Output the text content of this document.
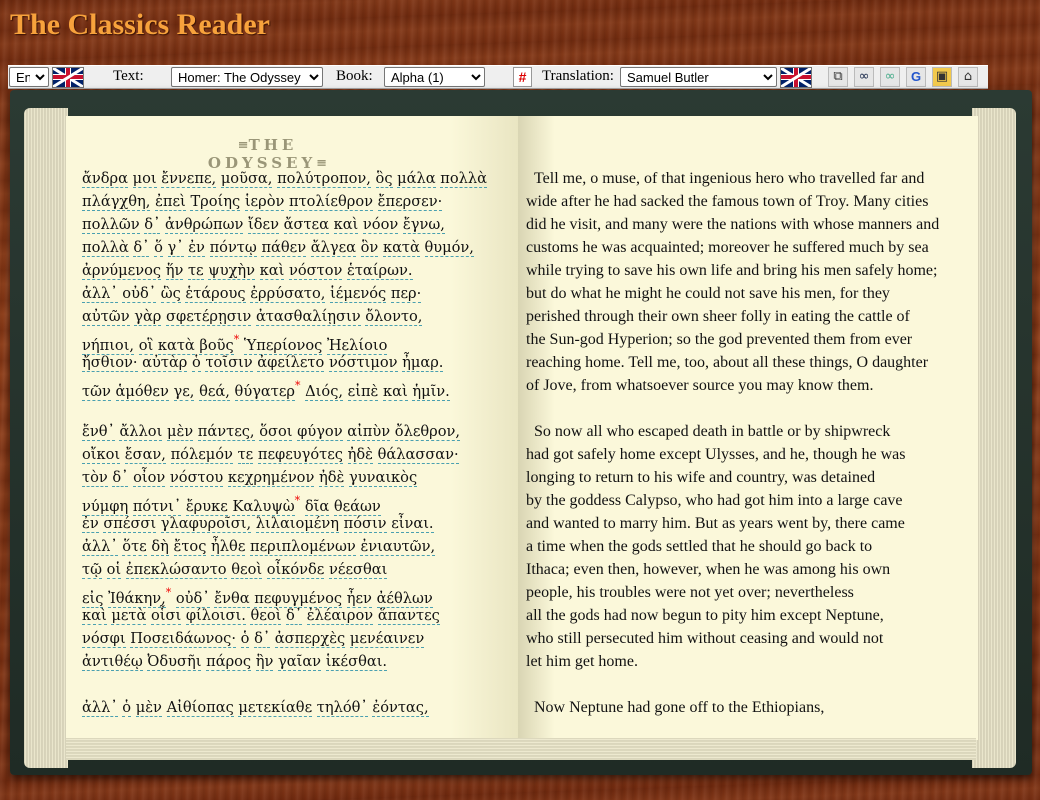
The Classics Reader
En
Text:
Homer: The Odyssey	Book:
Alpha (1)	#	Translation:
Samuel Butler	⧉	∞	∞	G	▣	⌂
≡ THE ODYSSEY ≡
ἄνδρα μοι ἔννεπε, μοῦσα, πολύτροπον, ὃς μάλα πολλὰ
πλάγχθη, ἐπεὶ Τροίης ἱερὸν πτολίεθρον ἔπερσεν·
πολλῶν δ᾽ ἀνθρώπων ἴδεν ἄστεα καὶ νόον ἔγνω,
πολλὰ δ᾽ ὅ γ᾽ ἐν πόντῳ πάθεν ἄλγεα ὃν κατὰ θυμόν,
ἀρνύμενος ἥν τε ψυχὴν καὶ νόστον ἑταίρων.
ἀλλ᾽ οὐδ᾽ ὣς ἑτάρους ἐρρύσατο, ἱέμενός περ·
αὐτῶν γὰρ σφετέρῃσιν ἀτασθαλίῃσιν ὄλοντο,
νήπιοι, οἳ κατὰ βοῦς* Ὑπερίονος Ἠελίοιο
ἤσθιον· αὐτὰρ ὁ τοῖσιν ἀφείλετο νόστιμον ἦμαρ.
τῶν ἁμόθεν γε, θεά, θύγατερ* Διός, εἰπὲ καὶ ἡμῖν.
ἔνθ᾽ ἄλλοι μὲν πάντες, ὅσοι φύγον αἰπὺν ὄλεθρον,
οἴκοι ἔσαν, πόλεμόν τε πεφευγότες ἠδὲ θάλασσαν·
τὸν δ᾽ οἶον νόστου κεχρημένον ἠδὲ γυναικὸς
νύμφη πότνι᾽ ἔρυκε Καλυψὼ* δῖα θεάων
ἐν σπέσσι γλαφυροῖσι, λιλαιομένη πόσιν εἶναι.
ἀλλ᾽ ὅτε δὴ ἔτος ἦλθε περιπλομένων ἐνιαυτῶν,
τῷ οἱ ἐπεκλώσαντο θεοὶ οἶκόνδε νέεσθαι
εἰς Ἰθάκην,* οὐδ᾽ ἔνθα πεφυγμένος ἦεν ἀέθλων
καὶ μετὰ οἷσι φίλοισι. θεοὶ δ᾽ ἐλέαιρον ἅπαντες
νόσφι Ποσειδάωνος· ὁ δ᾽ ἀσπερχὲς μενέαινεν
ἀντιθέῳ Ὀδυσῆι πάρος ἣν γαῖαν ἱκέσθαι.
ἀλλ᾽ ὁ μὲν Αἰθίοπας μετεκίαθε τηλόθ᾽ ἐόντας,
Tell me, o muse, of that ingenious hero who travelled far and
wide after he had sacked the famous town of Troy. Many cities
did he visit, and many were the nations with whose manners and
customs he was acquainted; moreover he suffered much by sea
while trying to save his own life and bring his men safely home;
but do what he might he could not save his men, for they
perished through their own sheer folly in eating the cattle of
the Sun-god Hyperion; so the god prevented them from ever
reaching home. Tell me, too, about all these things, O daughter
of Jove, from whatsoever source you may know them.
So now all who escaped death in battle or by shipwreck
had got safely home except Ulysses, and he, though he was
longing to return to his wife and country, was detained
by the goddess Calypso, who had got him into a large cave
and wanted to marry him. But as years went by, there came
a time when the gods settled that he should go back to
Ithaca; even then, however, when he was among his own
people, his troubles were not yet over; nevertheless
all the gods had now begun to pity him except Neptune,
who still persecuted him without ceasing and would not
let him get home.
Now Neptune had gone off to the Ethiopians,
